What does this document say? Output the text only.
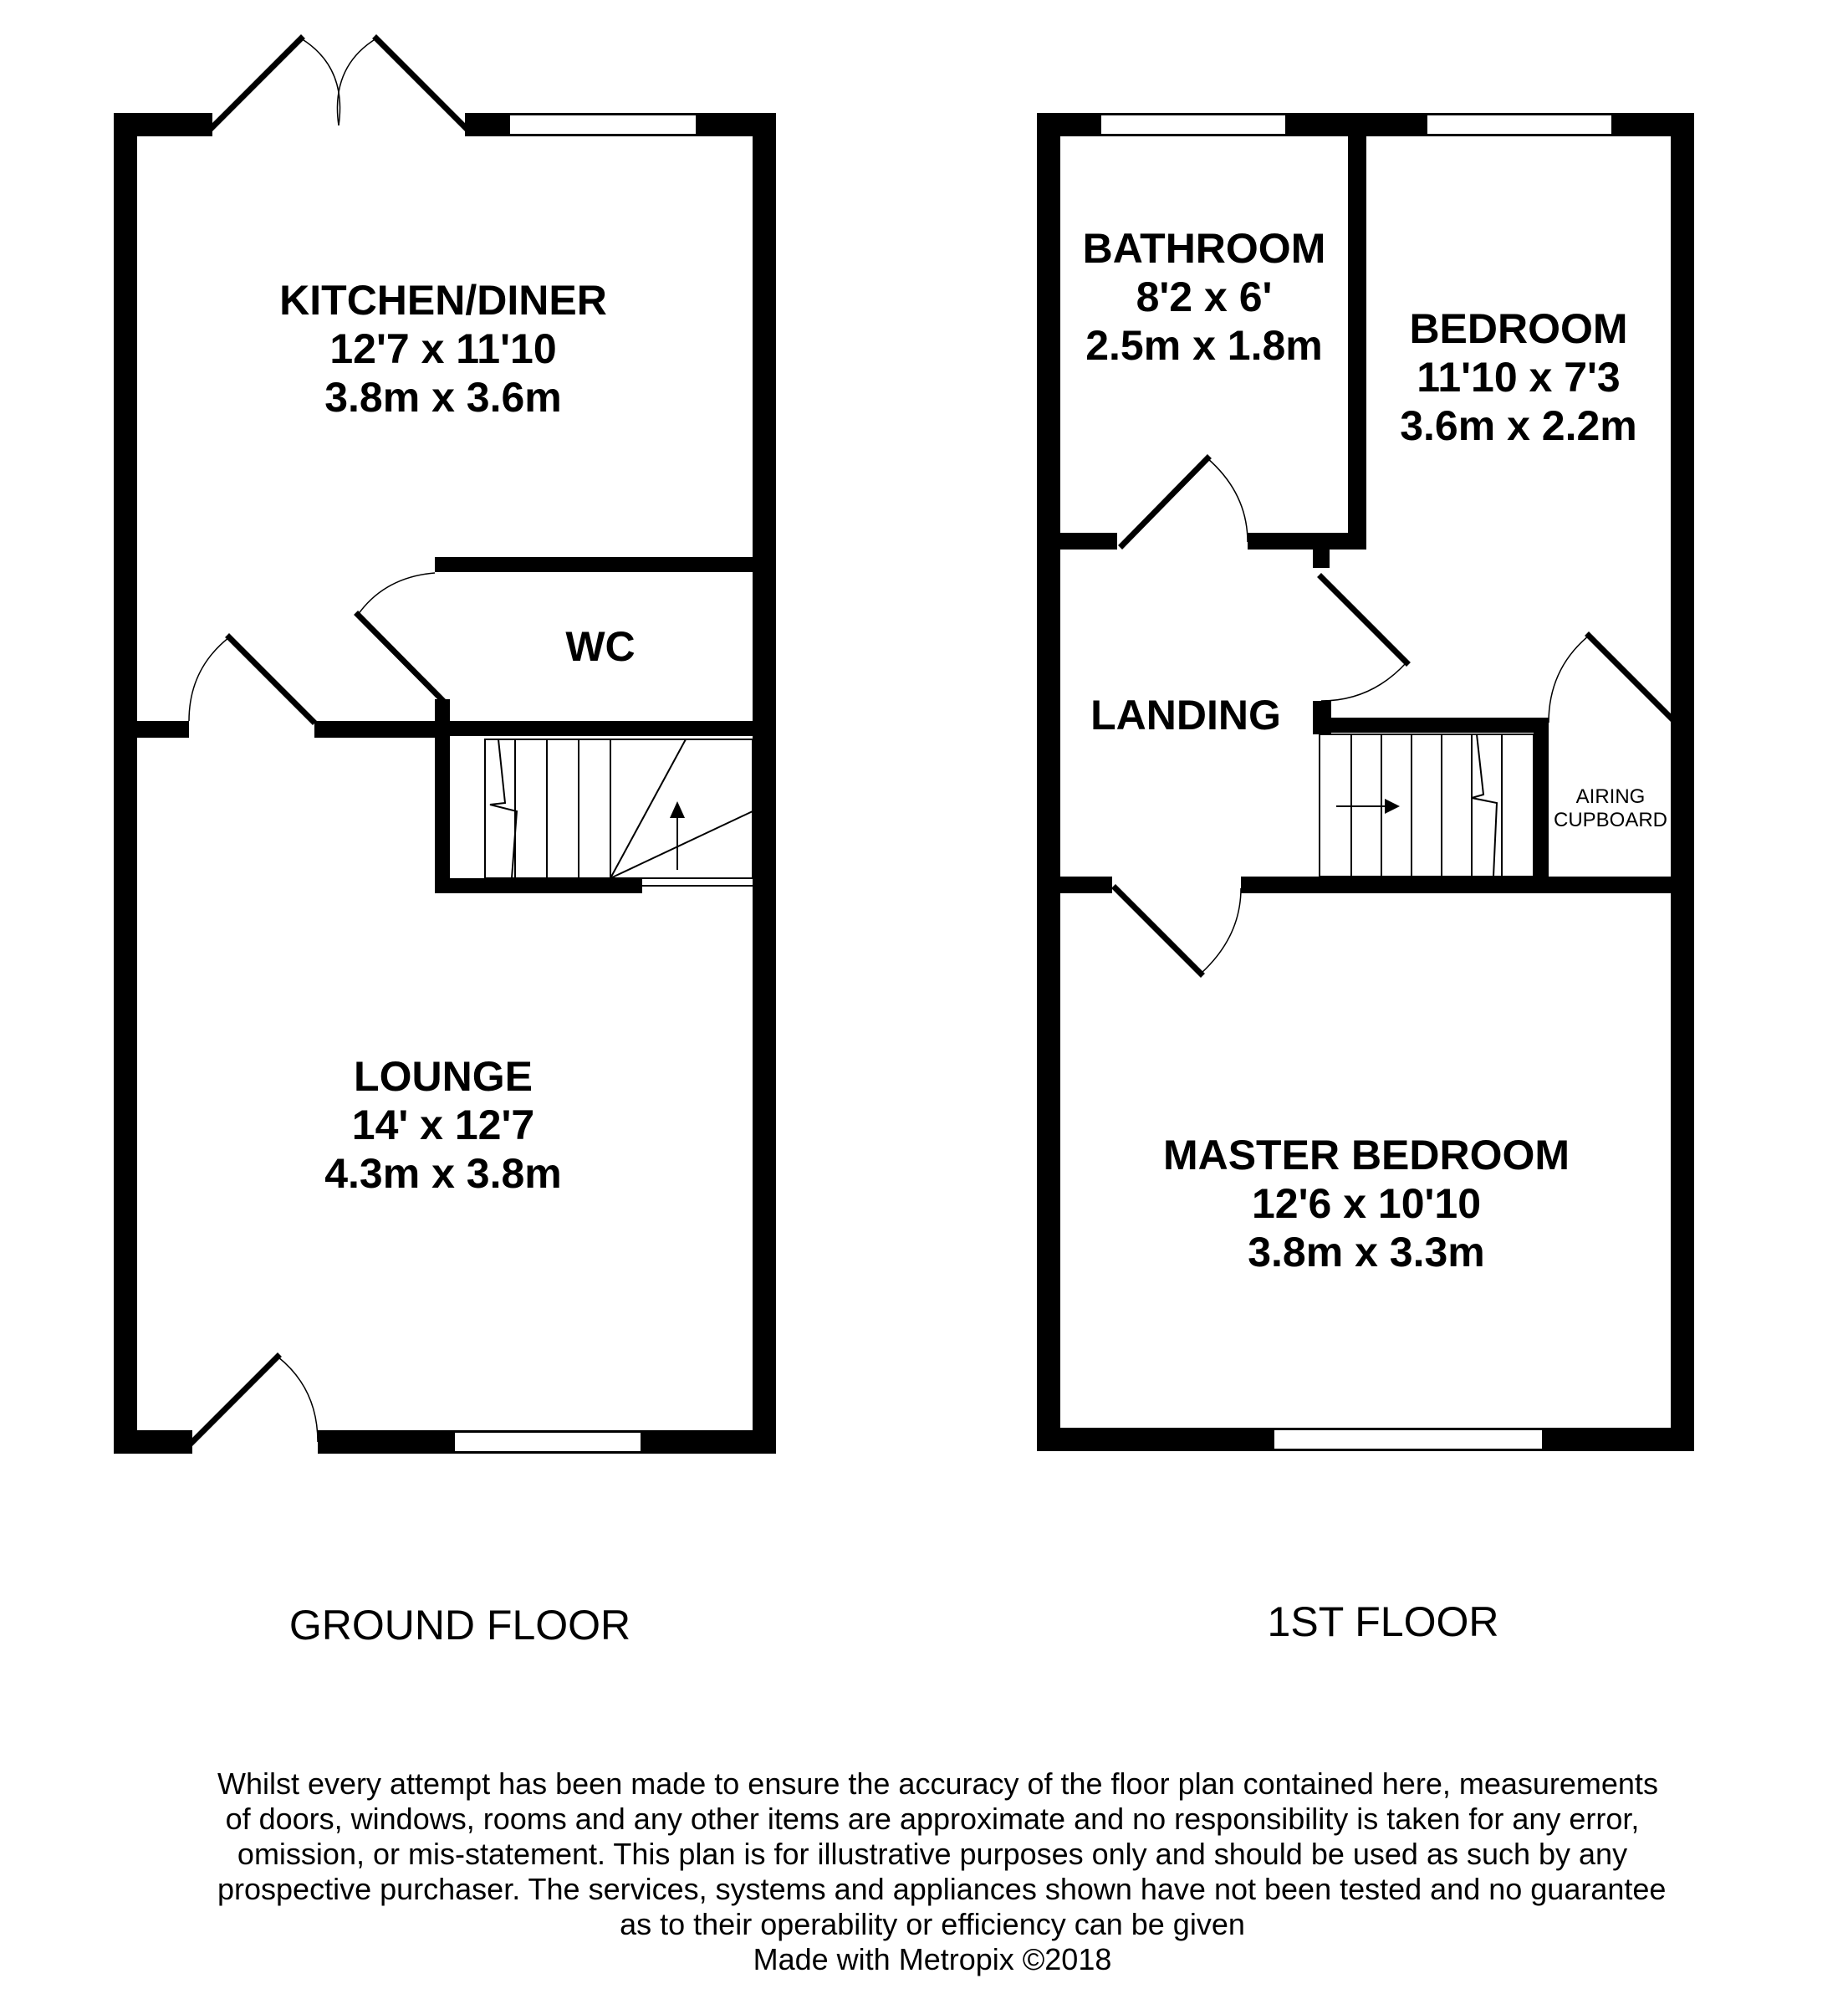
KITCHEN/DINER
12'7 x 11'10
3.8m x 3.6m
WC
LOUNGE
14' x 12'7
4.3m x 3.8m
GROUND FLOOR
BATHROOM
8'2 x 6'
2.5m x 1.8m BEDROOM
11'10 x 7'3
3.6m x 2.2m
LANDING
AIRING
CUPBOARD
MASTER BEDROOM
12'6 x 10'10
3.8m x 3.3m
1ST FLOOR
Whilst every attempt has been made to ensure the accuracy of the floor plan contained here, measurements
of doors, windows, rooms and any other items are approximate and no responsibility is taken for any error,
omission, or mis-statement. This plan is for illustrative purposes only and should be used as such by any
prospective purchaser. The services, systems and appliances shown have not been tested and no guarantee
as to their operability or efficiency can be given
Made with Metropix ©2018
